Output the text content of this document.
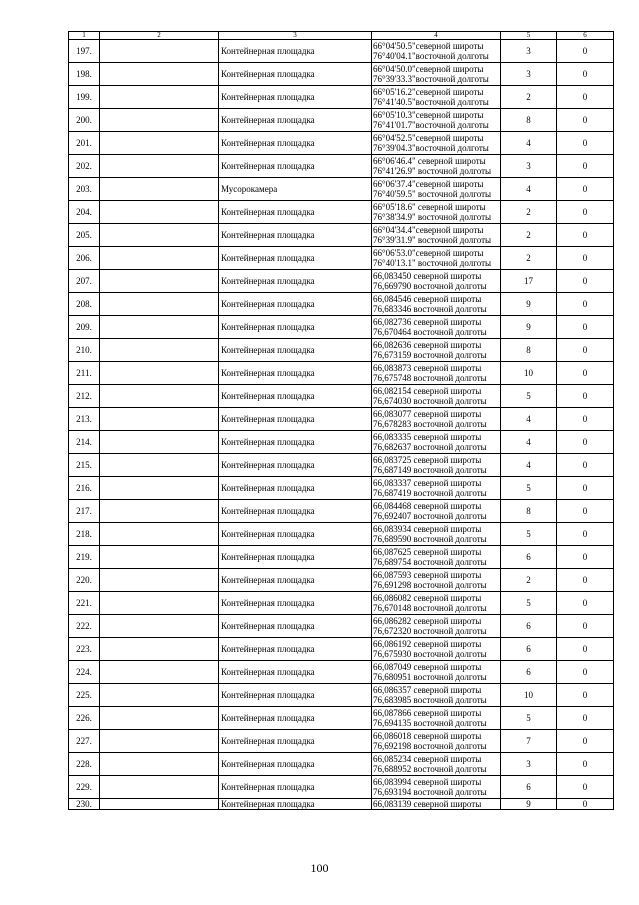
1	2	3	4	5	6
197.		Контейнерная площадка	66°04'50.5"северной широты
76°40'04.1"восточной долготы	3	0
198.		Контейнерная площадка	66°04'50.0"северной широты
76°39'33.3"восточной долготы	3	0
199.		Контейнерная площадка	66°05'16.2"северной широты
76°41'40.5"восточной долготы	2	0
200.		Контейнерная площадка	66°05'10.3"северной широты
76°41'01.7"восточной долготы	8	0
201.		Контейнерная площадка	66°04'52.5"северной широты
76°39'04.3"восточной долготы	4	0
202.		Контейнерная площадка	66°06'46.4" северной широты
76°41'26.9" восточной долготы	3	0
203.		Мусорокамера	66°06'37.4"северной широты
76°40'59.5" восточной долготы	4	0
204.		Контейнерная площадка	66°05'18.6" северной широты
76°38'34.9" восточной долготы	2	0
205.		Контейнерная площадка	66°04'34.4"северной широты
76°39'31.9" восточной долготы	2	0
206.		Контейнерная площадка	66°06'53.0"северной широты
76°40'13.1" восточной долготы	2	0
207.		Контейнерная площадка	66,083450 северной широты
76,669790 восточной долготы	17	0
208.		Контейнерная площадка	66,084546 северной широты
76,683346 восточной долготы	9	0
209.		Контейнерная площадка	66,082736 северной широты
76,670464 восточной долготы	9	0
210.		Контейнерная площадка	66,082636 северной широты
76,673159 восточной долготы	8	0
211.		Контейнерная площадка	66,083873 северной широты
76,675748 восточной долготы	10	0
212.		Контейнерная площадка	66,082154 северной широты
76,674030 восточной долготы	5	0
213.		Контейнерная площадка	66,083077 северной широты
76,678283 восточной долготы	4	0
214.		Контейнерная площадка	66,083335 северной широты
76,682637 восточной долготы	4	0
215.		Контейнерная площадка	66,083725 северной широты
76,687149 восточной долготы	4	0
216.		Контейнерная площадка	66,083337 северной широты
76,687419 восточной долготы	5	0
217.		Контейнерная площадка	66,084468 северной широты
76,692407 восточной долготы	8	0
218.		Контейнерная площадка	66,083934 северной широты
76,689590 восточной долготы	5	0
219.		Контейнерная площадка	66,087625 северной широты
76,689754 восточной долготы	6	0
220.		Контейнерная площадка	66,087593 северной широты
76,691298 восточной долготы	2	0
221.		Контейнерная площадка	66,086082 северной широты
76,670148 восточной долготы	5	0
222.		Контейнерная площадка	66,086282 северной широты
76,672320 восточной долготы	6	0
223.		Контейнерная площадка	66,086192 северной широты
76,675930 восточной долготы	6	0
224.		Контейнерная площадка	66,087049 северной широты
76,680951 восточной долготы	6	0
225.		Контейнерная площадка	66,086357 северной широты
76,683985 восточной долготы	10	0
226.		Контейнерная площадка	66,087866 северной широты
76,694135 восточной долготы	5	0
227.		Контейнерная площадка	66,086018 северной широты
76,692198 восточной долготы	7	0
228.		Контейнерная площадка	66,085234 северной широты
76,688952 восточной долготы	3	0
229.		Контейнерная площадка	66,083994 северной широты
76,693194 восточной долготы	6	0
230.		Контейнерная площадка	66,083139 северной широты	9	0
100
